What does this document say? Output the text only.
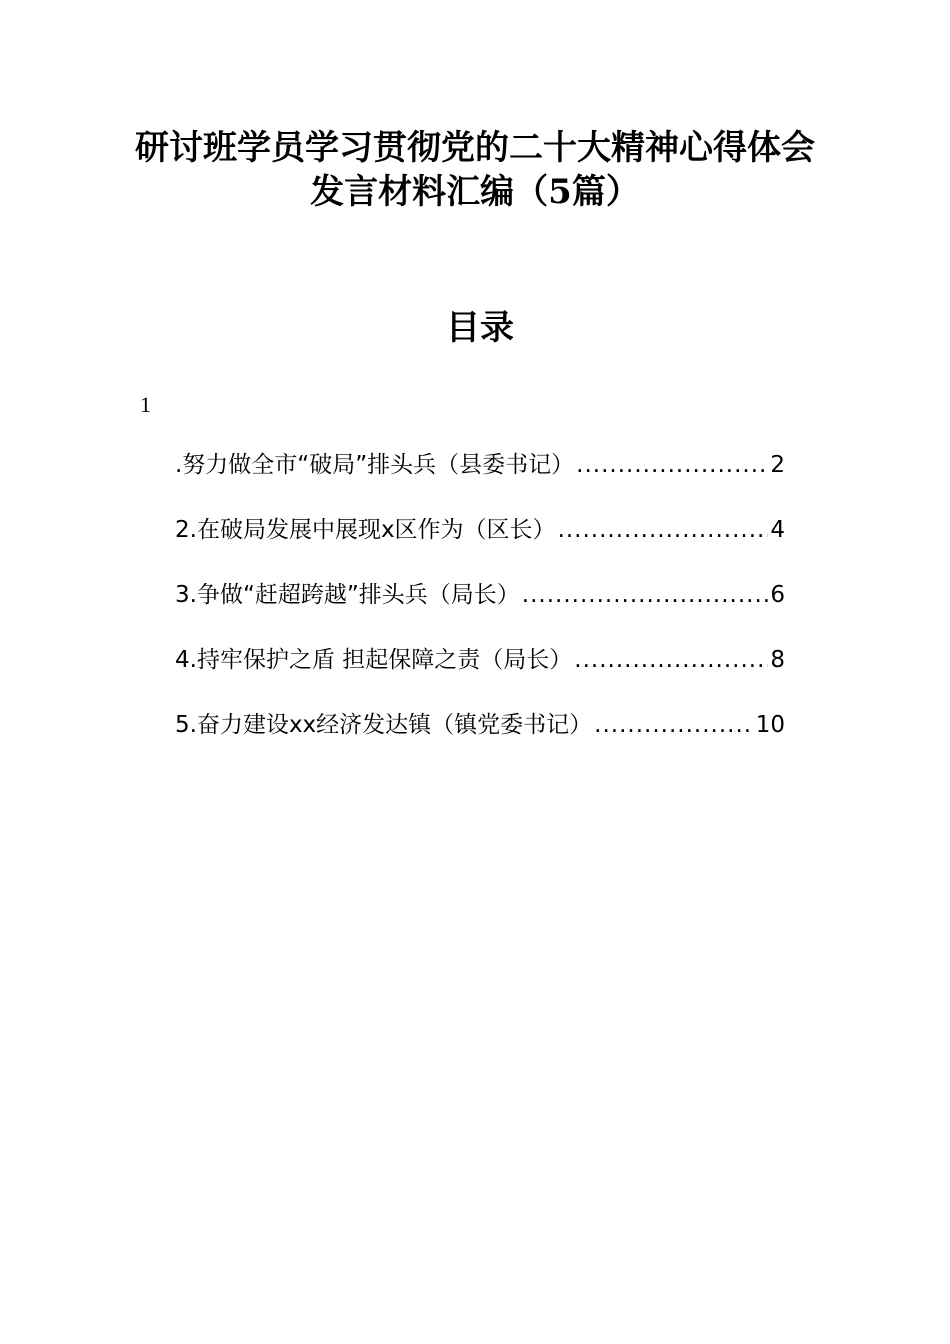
研讨班学员学习贯彻党的二十大精神心得体会
发言材料汇编（5篇）
目录
1
.努力做全市“破局”排头兵（县委书记） .....	2
2.在破局发展中展现x区作为（区长） .....	4
3.争做“赶超跨越”排头兵（局长） .....	6
4.持牢保护之盾 担起保障之责（局长） .....	8
5.奋力建设xx经济发达镇（镇党委书记） .....	10
